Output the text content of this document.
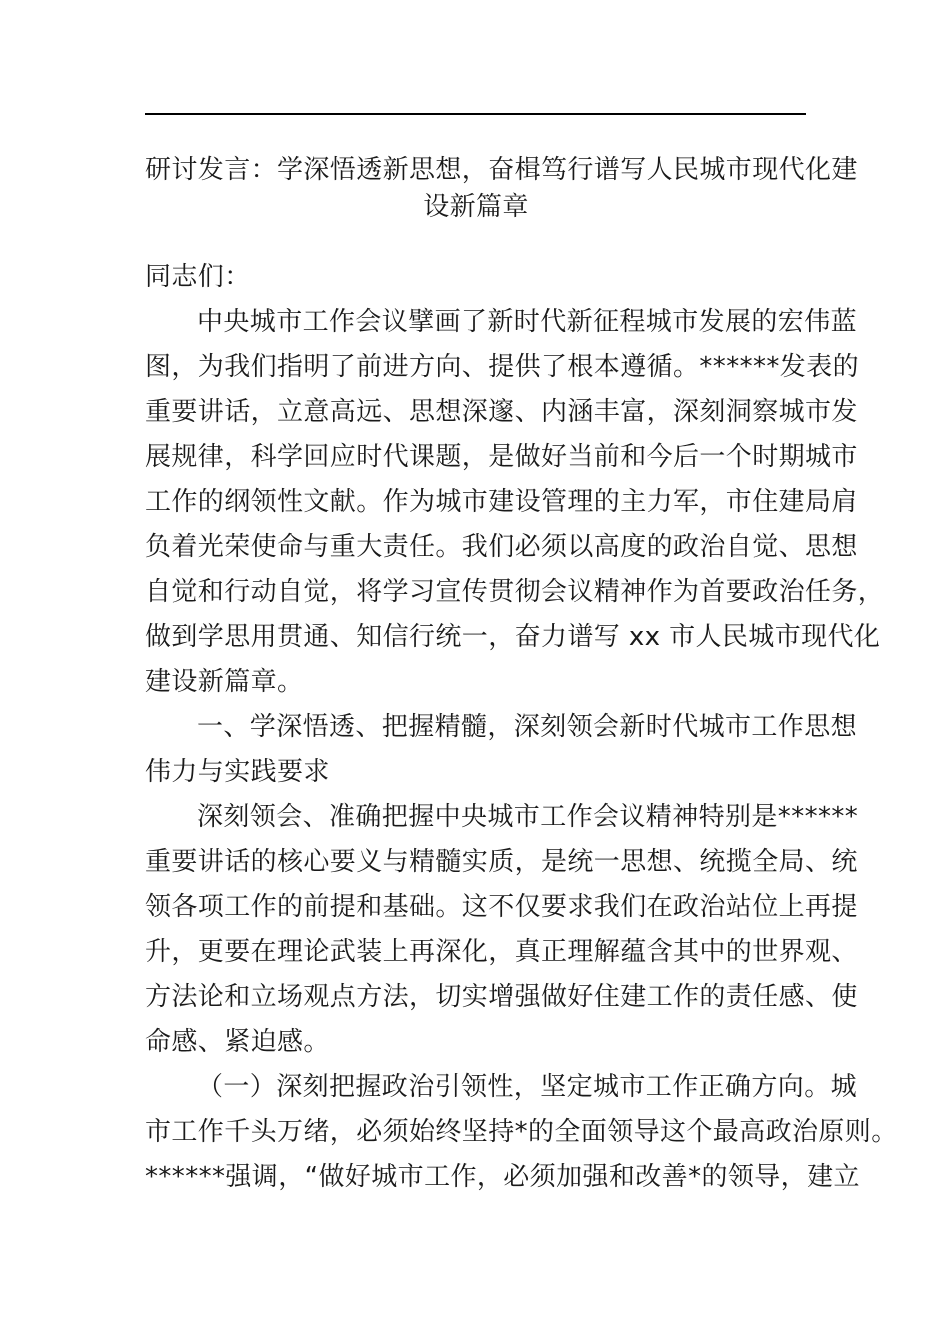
研讨发言：学深悟透新思想，奋楫笃行谱写人民城市现代化建
设新篇章
同志们：
中央城市工作会议擘画了新时代新征程城市发展的宏伟蓝
图，为我们指明了前进方向、提供了根本遵循。******发表的
重要讲话，立意高远、思想深邃、内涵丰富，深刻洞察城市发
展规律，科学回应时代课题，是做好当前和今后一个时期城市
工作的纲领性文献。作为城市建设管理的主力军，市住建局肩
负着光荣使命与重大责任。我们必须以高度的政治自觉、思想
自觉和行动自觉，将学习宣传贯彻会议精神作为首要政治任务，
做到学思用贯通、知信行统一，奋力谱写 xx 市人民城市现代化
建设新篇章。
一、学深悟透、把握精髓，深刻领会新时代城市工作思想
伟力与实践要求
深刻领会、准确把握中央城市工作会议精神特别是******
重要讲话的核心要义与精髓实质，是统一思想、统揽全局、统
领各项工作的前提和基础。这不仅要求我们在政治站位上再提
升，更要在理论武装上再深化，真正理解蕴含其中的世界观、
方法论和立场观点方法，切实增强做好住建工作的责任感、使
命感、紧迫感。
（一）深刻把握政治引领性，坚定城市工作正确方向。城
市工作千头万绪，必须始终坚持*的全面领导这个最高政治原则。
******强调，“做好城市工作，必须加强和改善*的领导，建立
